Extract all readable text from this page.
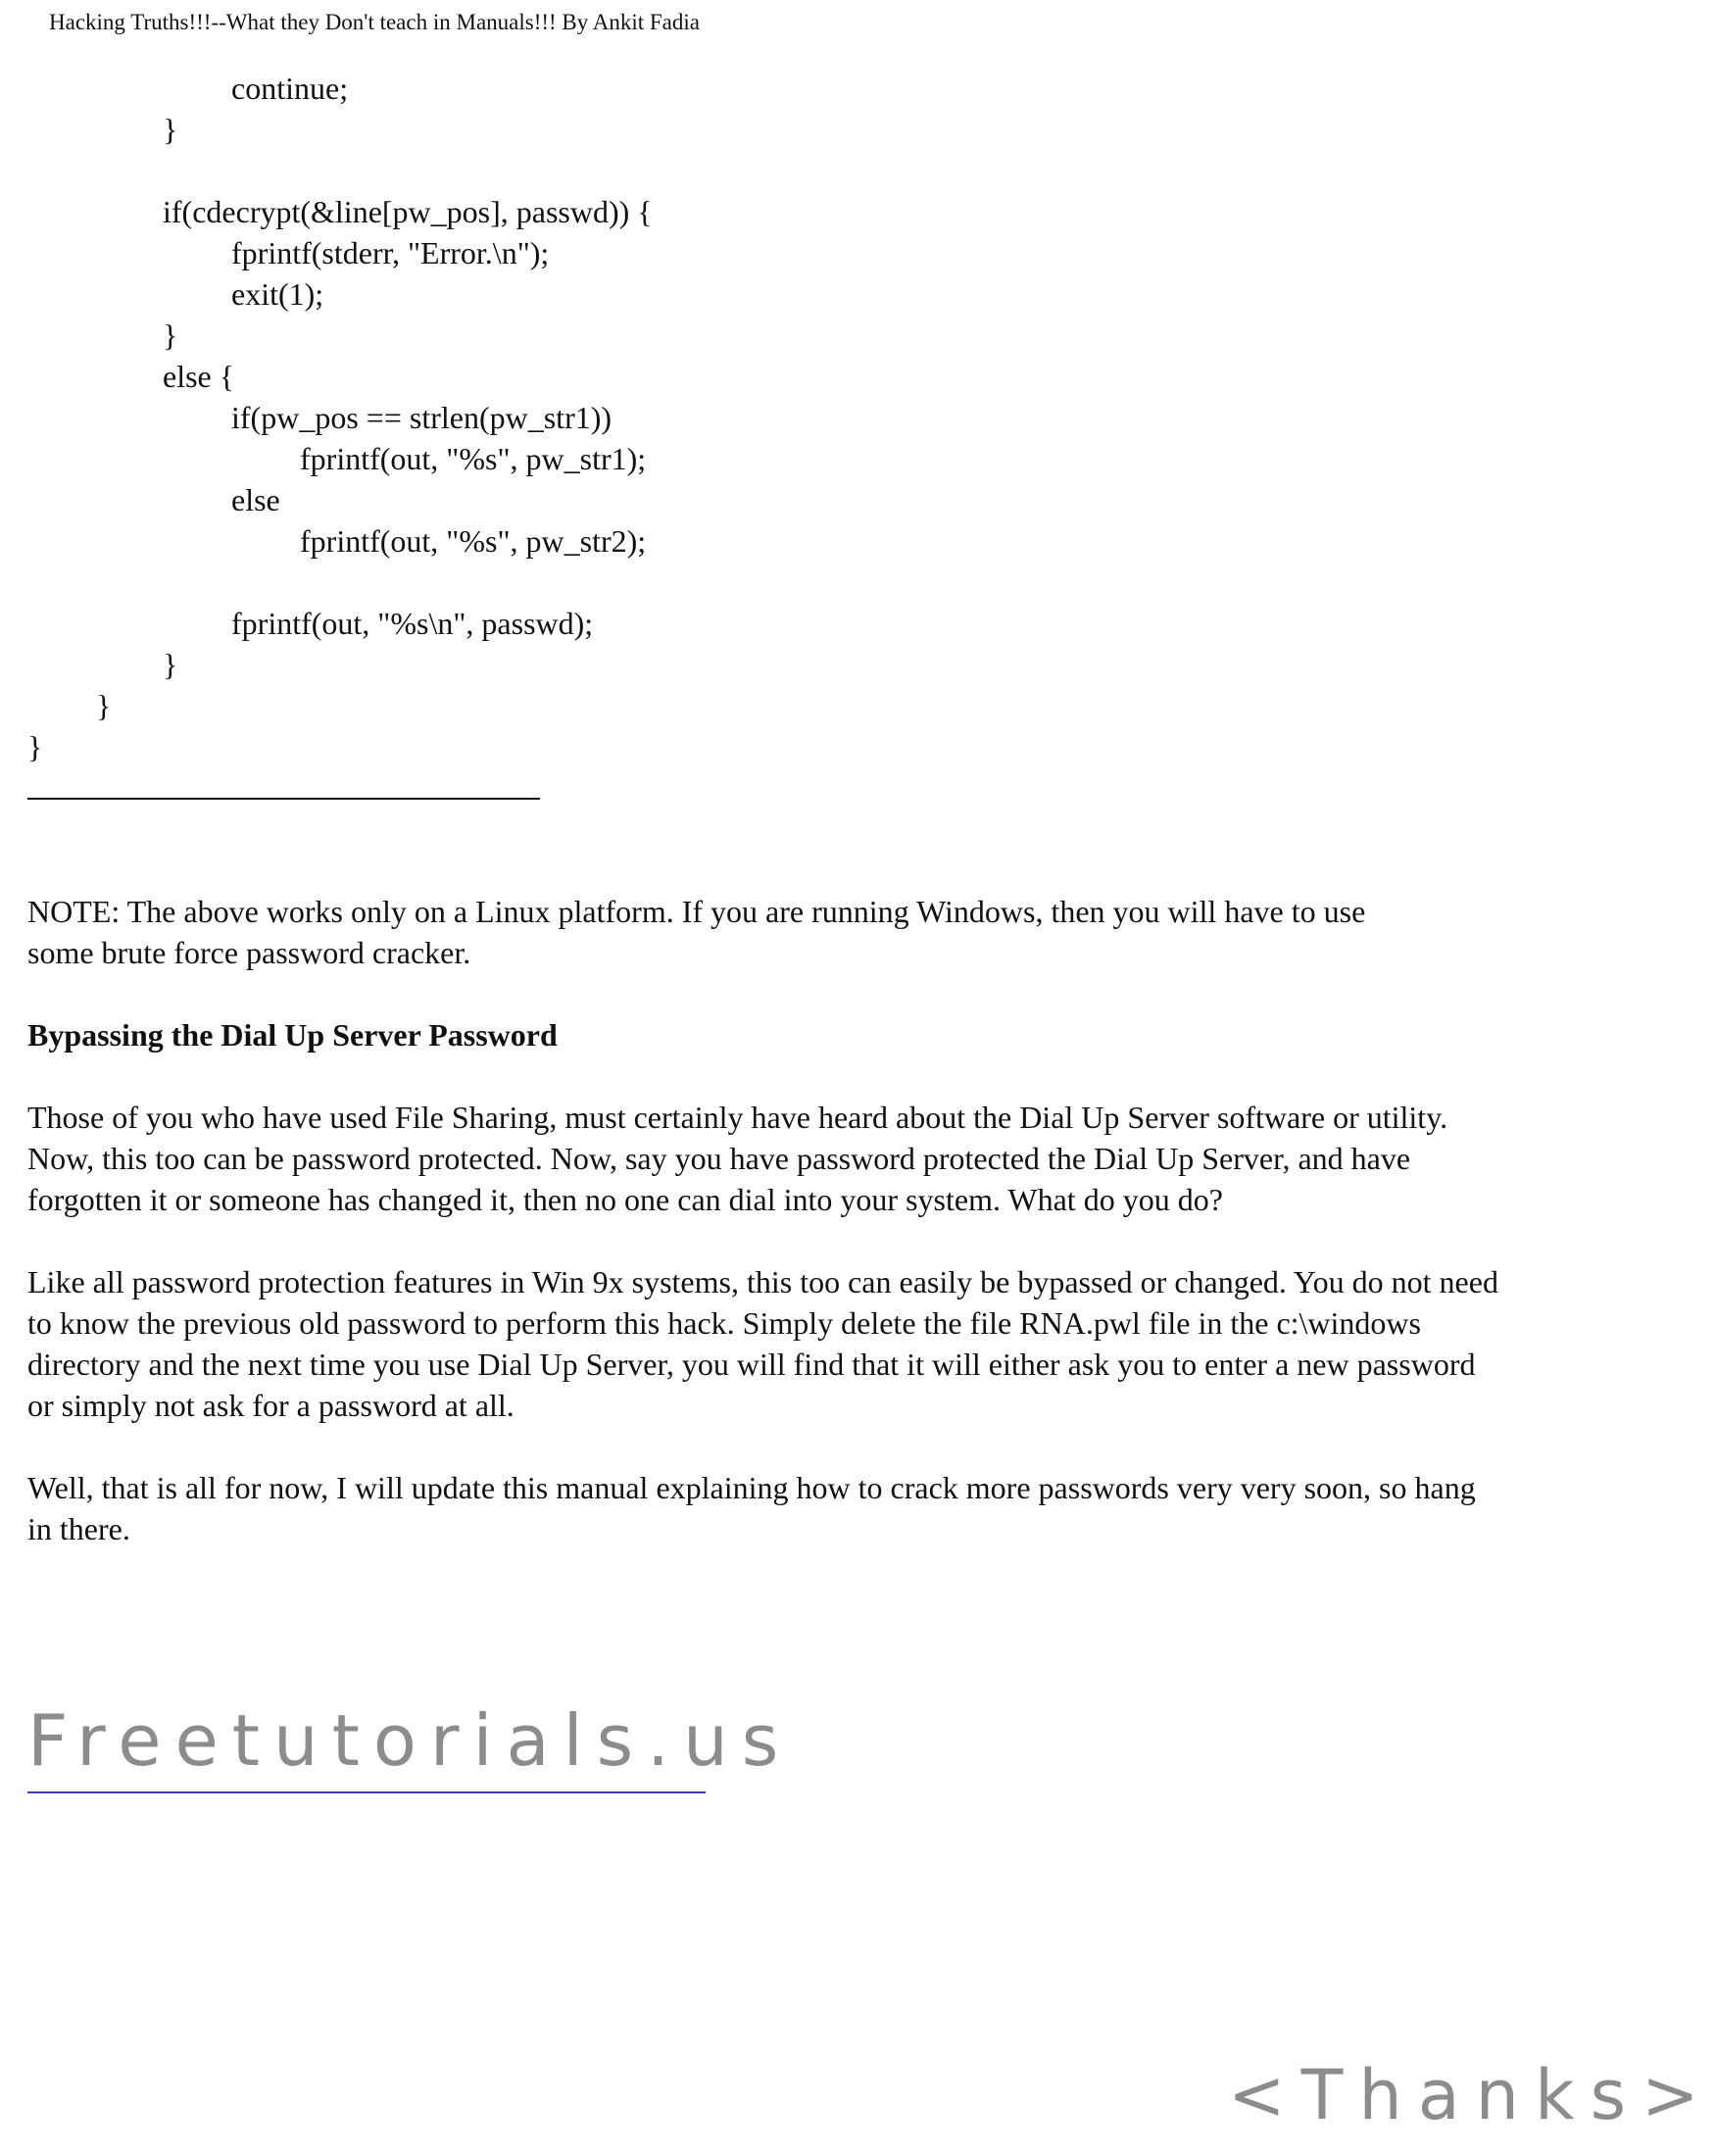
Hacking Truths!!!--What they Don't teach in Manuals!!! By Ankit Fadia
continue;
}
if(cdecrypt(&line[pw_pos], passwd)) {
fprintf(stderr, "Error.\n");
exit(1);
}
else {
if(pw_pos == strlen(pw_str1))
fprintf(out, "%s", pw_str1);
else
fprintf(out, "%s", pw_str2);
fprintf(out, "%s\n", passwd);
}
}
}

NOTE: The above works only on a Linux platform. If you are running Windows, then you will have to use

some brute force password cracker.

Bypassing the Dial Up Server Password

Those of you who have used File Sharing, must certainly have heard about the Dial Up Server software or utility.

Now, this too can be password protected. Now, say you have password protected the Dial Up Server, and have

forgotten it or someone has changed it, then no one can dial into your system. What do you do?

Like all password protection features in Win 9x systems, this too can easily be bypassed or changed. You do not need

to know the previous old password to perform this hack. Simply delete the file RNA.pwl file in the c:\windows

directory and the next time you use Dial Up Server, you will find that it will either ask you to enter a new password

or simply not ask for a password at all.

Well, that is all for now, I will update this manual explaining how to crack more passwords very very soon, so hang

in there.

Freetutorials.us
<Thanks>
